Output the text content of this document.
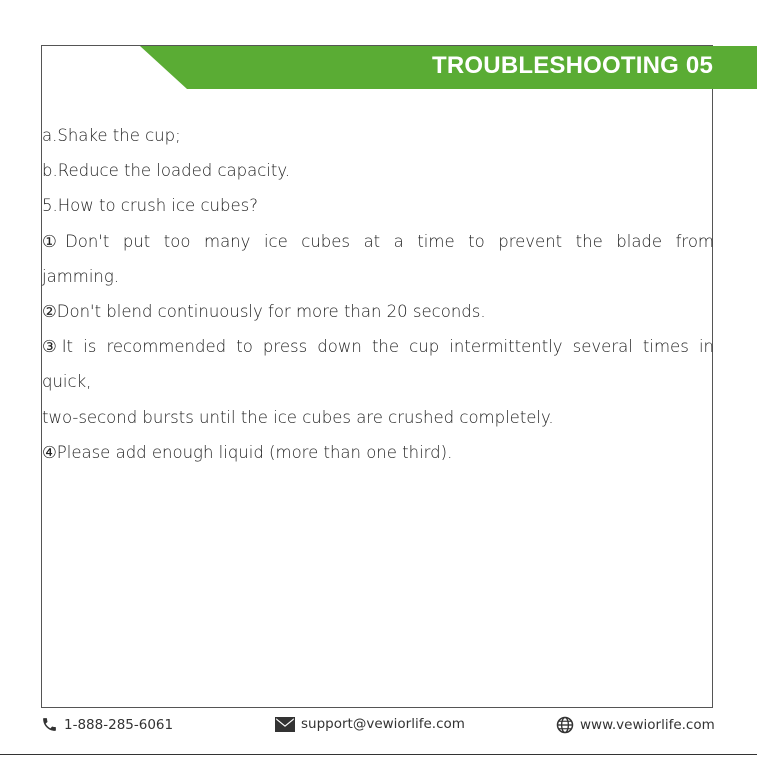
TROUBLESHOOTING 05

a.Shake the cup;

b.Reduce the loaded capacity.

5.How to crush ice cubes?

①Don't put too many ice cubes at a time to prevent the blade from

jamming.

②Don't blend continuously for more than 20 seconds.

③It is recommended to press down the cup intermittently several times in

quick,

two-second bursts until the ice cubes are crushed completely.

④Please add enough liquid (more than one third).

1-888-285-6061	support@vewiorlife.com	www.vewiorlife.com
